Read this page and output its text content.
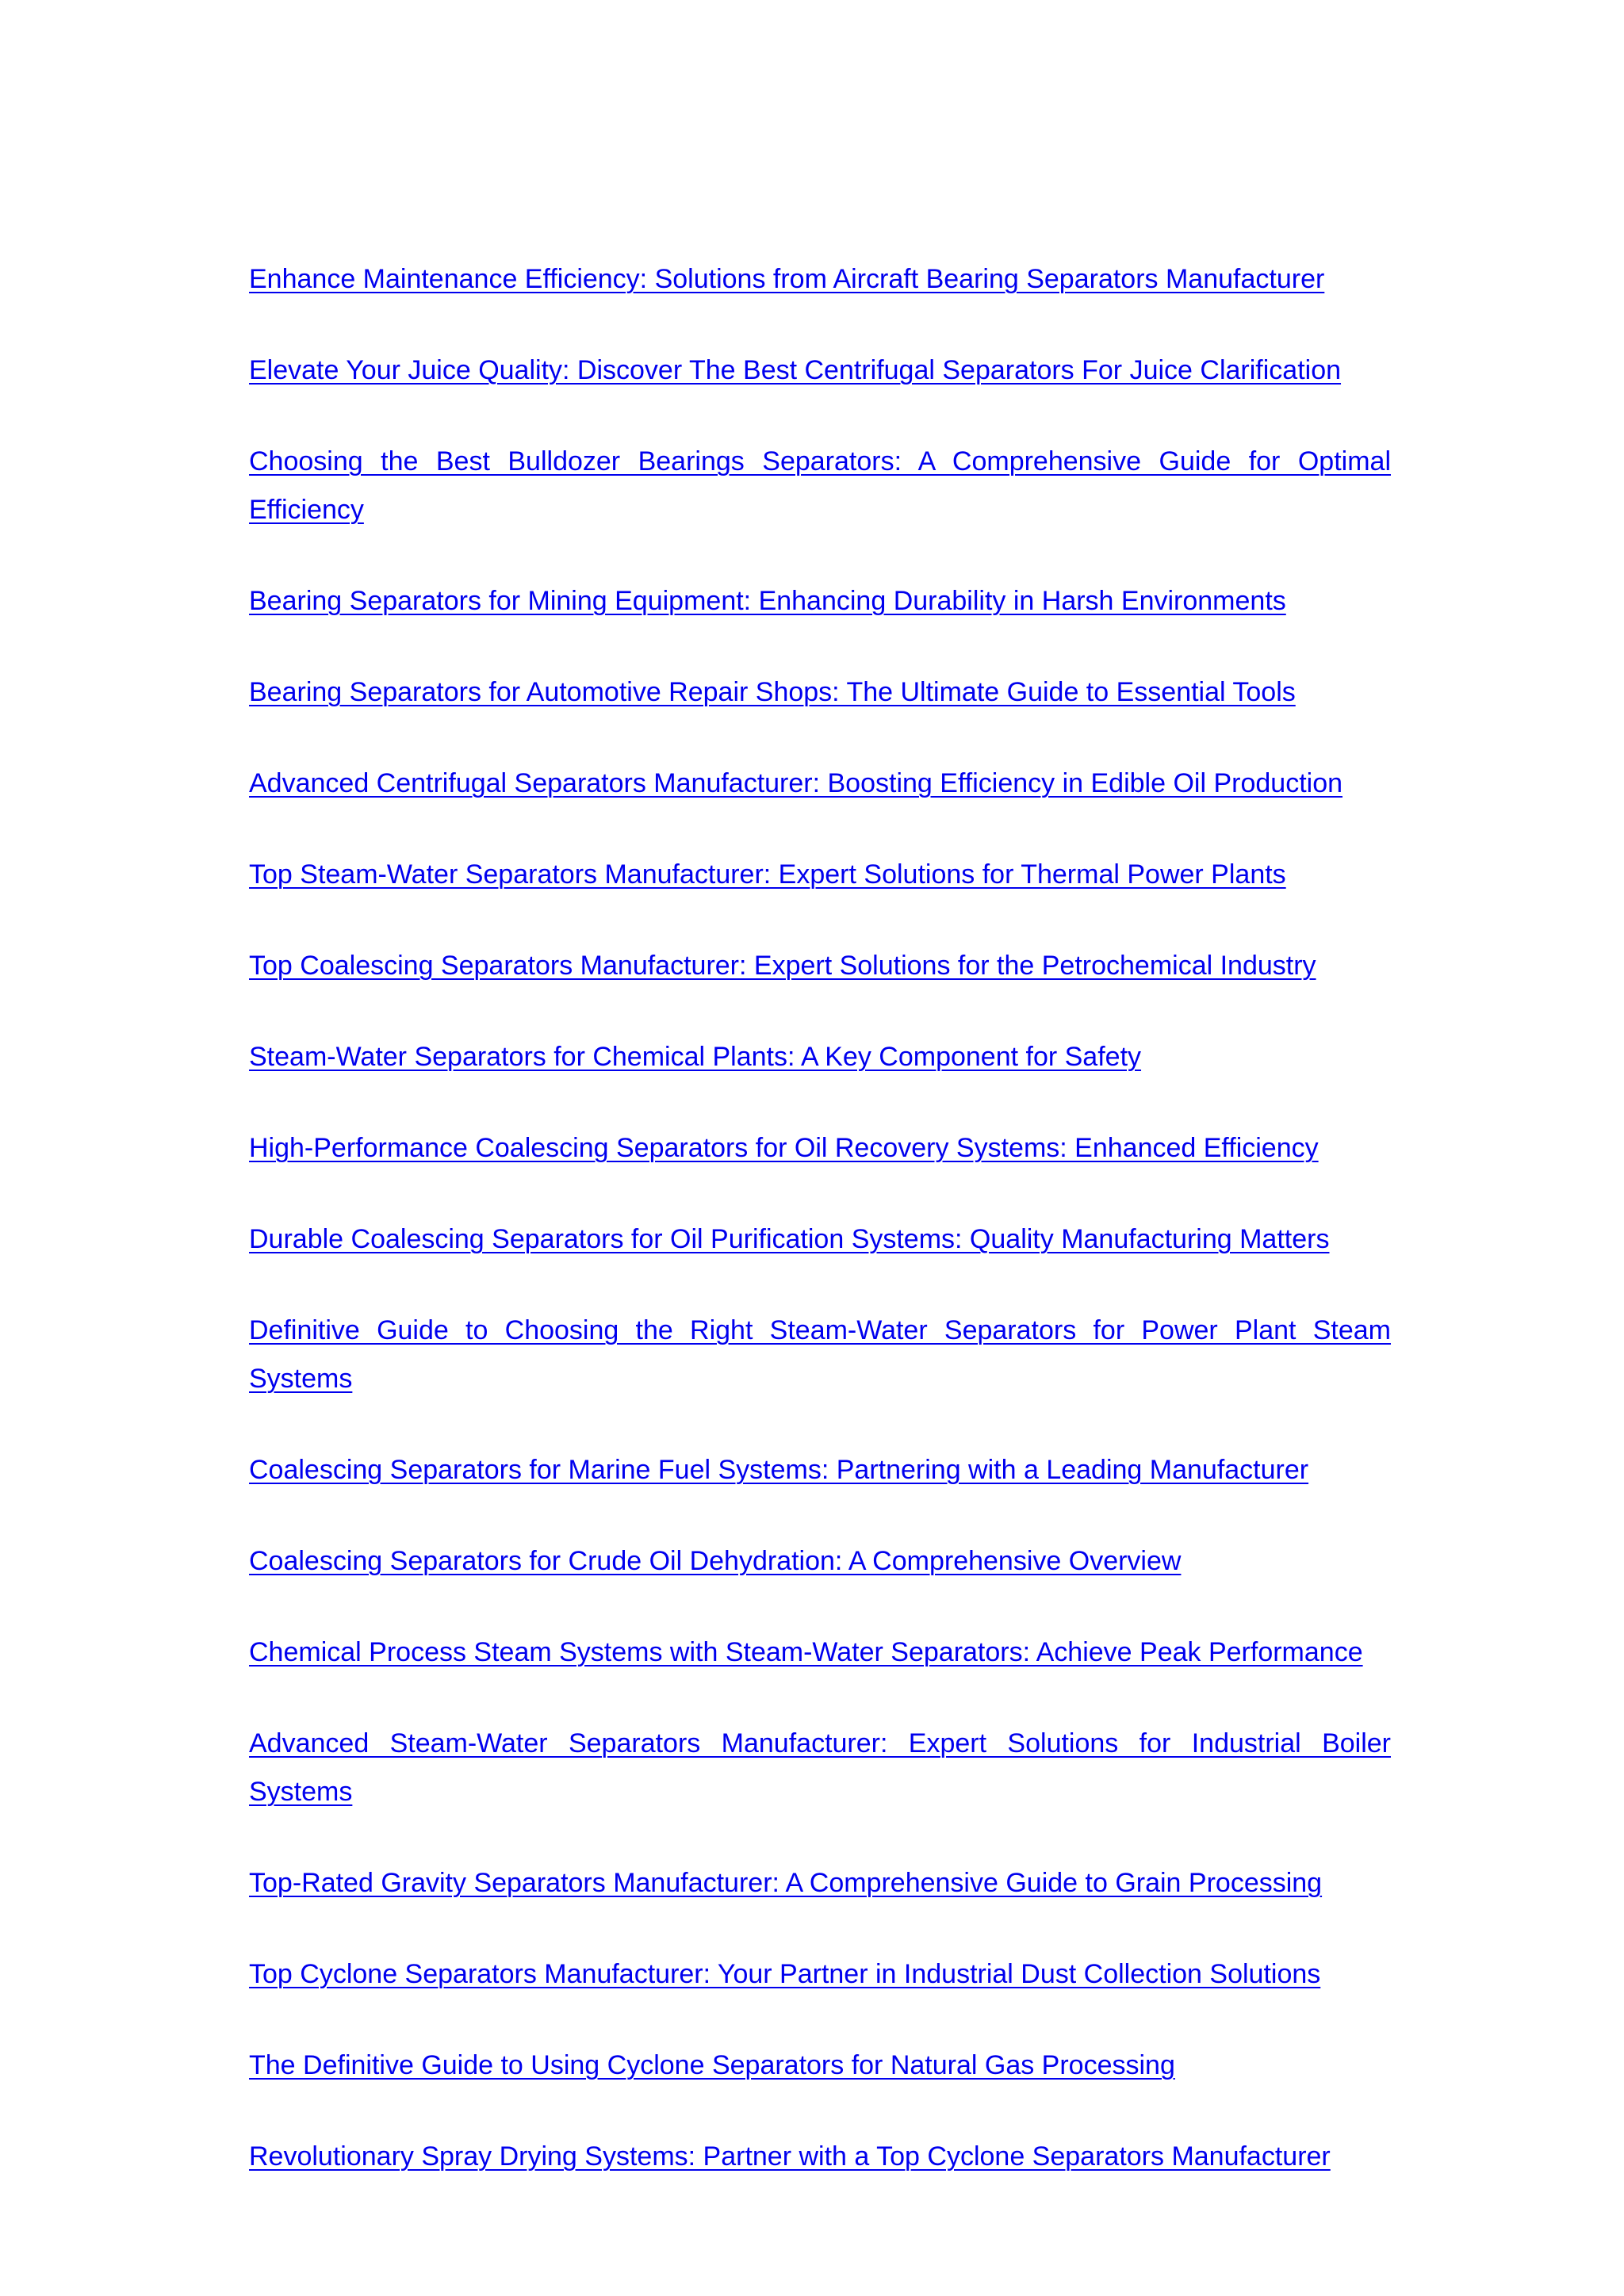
Enhance Maintenance Efficiency: Solutions from Aircraft Bearing Separators Manufacturer
Elevate Your Juice Quality: Discover The Best Centrifugal Separators For Juice Clarification
Choosing the Best Bulldozer Bearings Separators: A Comprehensive Guide for Optimal Efficiency
Bearing Separators for Mining Equipment: Enhancing Durability in Harsh Environments
Bearing Separators for Automotive Repair Shops: The Ultimate Guide to Essential Tools
Advanced Centrifugal Separators Manufacturer: Boosting Efficiency in Edible Oil Production
Top Steam-Water Separators Manufacturer: Expert Solutions for Thermal Power Plants
Top Coalescing Separators Manufacturer: Expert Solutions for the Petrochemical Industry
Steam-Water Separators for Chemical Plants: A Key Component for Safety
High-Performance Coalescing Separators for Oil Recovery Systems: Enhanced Efficiency
Durable Coalescing Separators for Oil Purification Systems: Quality Manufacturing Matters
Definitive Guide to Choosing the Right Steam-Water Separators for Power Plant Steam Systems
Coalescing Separators for Marine Fuel Systems: Partnering with a Leading Manufacturer
Coalescing Separators for Crude Oil Dehydration: A Comprehensive Overview
Chemical Process Steam Systems with Steam-Water Separators: Achieve Peak Performance
Advanced Steam-Water Separators Manufacturer: Expert Solutions for Industrial Boiler Systems
Top-Rated Gravity Separators Manufacturer: A Comprehensive Guide to Grain Processing
Top Cyclone Separators Manufacturer: Your Partner in Industrial Dust Collection Solutions
The Definitive Guide to Using Cyclone Separators for Natural Gas Processing
Revolutionary Spray Drying Systems: Partner with a Top Cyclone Separators Manufacturer
